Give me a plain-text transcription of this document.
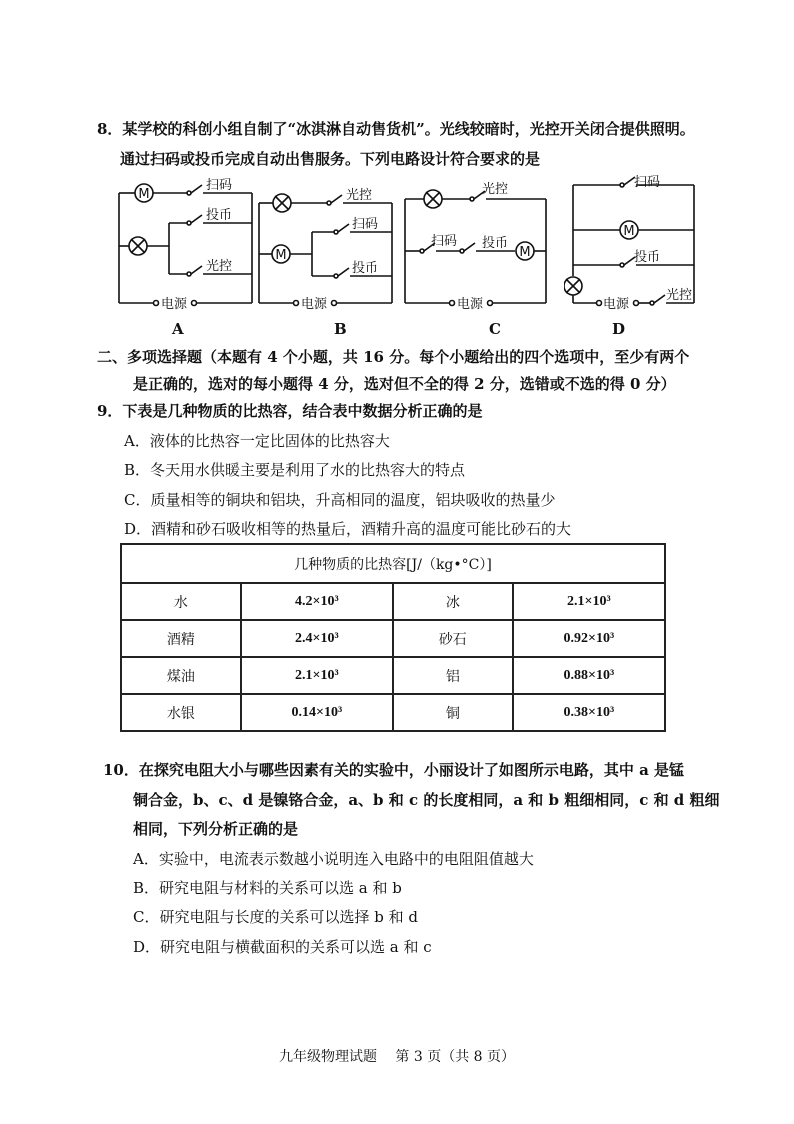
8．某学校的科创小组自制了“冰淇淋自动售货机”。光线较暗时，光控开关闭合提供照明。
通过扫码或投币完成自动出售服务。下列电路设计符合要求的是
M
扫码
投币
光控
电源
A
M
光控
扫码
投币
电源
B
M
光控
扫码 投币
电源
C
M
扫码
投币
光控
电源
D
二、多项选择题（本题有 4 个小题，共 16 分。每个小题给出的四个选项中，至少有两个
是正确的，选对的每小题得 4 分，选对但不全的得 2 分，选错或不选的得 0 分）
9．下表是几种物质的比热容，结合表中数据分析正确的是
A．液体的比热容一定比固体的比热容大
B．冬天用水供暖主要是利用了水的比热容大的特点
C．质量相等的铜块和铝块，升高相同的温度，铝块吸收的热量少
D．酒精和砂石吸收相等的热量后，酒精升高的温度可能比砂石的大
几种物质的比热容[J/（kg•°C）]			
水	4.2×10³	冰	2.1×10³
酒精	2.4×10³	砂石	0.92×10³
煤油	2.1×10³	铝	0.88×10³
水银	0.14×10³	铜	0.38×10³
10．在探究电阻大小与哪些因素有关的实验中，小丽设计了如图所示电路，其中 a 是锰
铜合金，b、c、d 是镍铬合金，a、b 和 c 的长度相同，a 和 b 粗细相同，c 和 d 粗细
相同，下列分析正确的是
A．实验中，电流表示数越小说明连入电路中的电阻阻值越大
B．研究电阻与材料的关系可以选 a 和 b
C．研究电阻与长度的关系可以选择 b 和 d
D．研究电阻与横截面积的关系可以选 a 和 c
九年级物理试题　 第 3 页（共 8 页）
